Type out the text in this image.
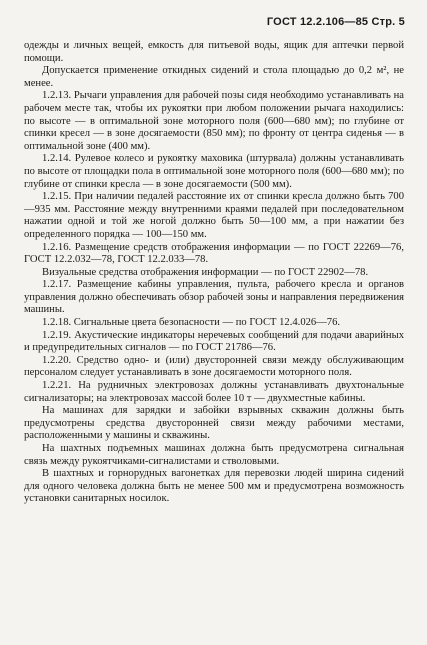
ГОСТ 12.2.106—85 Стр. 5

одежды и личных вещей, емкость для питьевой воды, ящик для аптечки первой помощи.

Допускается применение откидных сидений и стола площадью до 0,2 м², не менее.

1.2.13. Рычаги управления для рабочей позы сидя необходимо устанавливать на рабочем месте так, чтобы их рукоятки при любом положении рычага находились: по высоте — в оптимальной зоне моторного поля (600—680 мм); по глубине от спинки кресел — в зоне досягаемости (850 мм); по фронту от центра сиденья — в оптимальной зоне (400 мм).

1.2.14. Рулевое колесо и рукоятку маховика (штурвала) должны устанавливать по высоте от площадки пола в оптимальной зоне моторного поля (600—680 мм); по глубине от спинки кресла — в зоне досягаемости (500 мм).

1.2.15. При наличии педалей расстояние их от спинки кресла должно быть 700—935 мм. Расстояние между внутренними краями педалей при последовательном нажатии одной и той же ногой должно быть 50—100 мм, а при нажатии без определенного порядка — 100—150 мм.

1.2.16. Размещение средств отображения информации — по ГОСТ 22269—76, ГОСТ 12.2.032—78, ГОСТ 12.2.033—78.

Визуальные средства отображения информации — по ГОСТ 22902—78.

1.2.17. Размещение кабины управления, пульта, рабочего кресла и органов управления должно обеспечивать обзор рабочей зоны и направления передвижения машины.

1.2.18. Сигнальные цвета безопасности — по ГОСТ 12.4.026—76.

1.2.19. Акустические индикаторы неречевых сообщений для подачи аварийных и предупредительных сигналов — по ГОСТ 21786—76.

1.2.20. Средство одно- и (или) двусторонней связи между обслуживающим персоналом следует устанавливать в зоне досягаемости моторного поля.

1.2.21. На рудничных электровозах должны устанавливать двухтональные сигнализаторы; на электровозах массой более 10 т — двухместные кабины.

На машинах для зарядки и забойки взрывных скважин должны быть предусмотрены средства двусторонней связи между рабочими местами, расположенными у машины и скважины.

На шахтных подъемных машинах должна быть предусмотрена сигнальная связь между рукоятчиками-сигналистами и стволовыми.

В шахтных и горнорудных вагонетках для перевозки людей ширина сидений для одного человека должна быть не менее 500 мм и предусмотрена возможность установки санитарных носилок.
